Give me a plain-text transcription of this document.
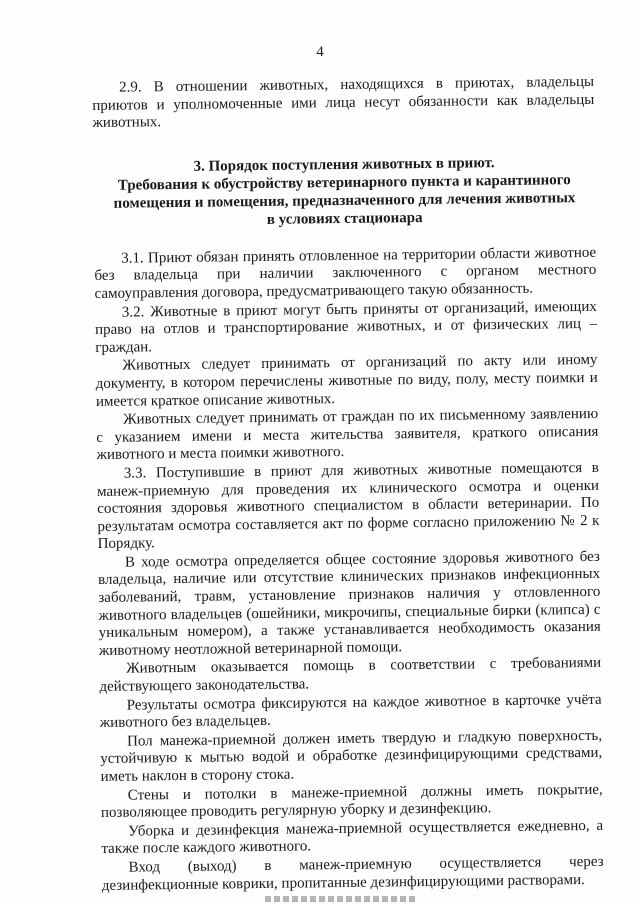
4

2.9. В отношении животных, находящихся в приютах, владельцы приютов и уполномоченные ими лица несут обязанности как владельцы животных.

3. Порядок поступления животных в приют.
Требования к обустройству ветеринарного пункта и карантинного
помещения и помещения, предназначенного для лечения животных
в условиях стационара

3.1. Приют обязан принять отловленное на территории области животное без владельца при наличии заключенного с органом местного самоуправления договора, предусматривающего такую обязанность.

3.2. Животные в приют могут быть приняты от организаций, имеющих право на отлов и транспортирование животных, и от физических лиц – граждан.

Животных следует принимать от организаций по акту или иному документу, в котором перечислены животные по виду, полу, месту поимки и имеется краткое описание животных.

Животных следует принимать от граждан по их письменному заявлению с указанием имени и места жительства заявителя, краткого описания животного и места поимки животного.

3.3. Поступившие в приют для животных животные помещаются в манеж-приемную для проведения их клинического осмотра и оценки состояния здоровья животного специалистом в области ветеринарии. По результатам осмотра составляется акт по форме согласно приложению № 2 к Порядку.

В ходе осмотра определяется общее состояние здоровья животного без владельца, наличие или отсутствие клинических признаков инфекционных заболеваний, травм, установление признаков наличия у отловленного животного владельцев (ошейники, микрочипы, специальные бирки (клипса) с уникальным номером), а также устанавливается необходимость оказания животному неотложной ветеринарной помощи.

Животным оказывается помощь в соответствии с требованиями действующего законодательства.

Результаты осмотра фиксируются на каждое животное в карточке учёта животного без владельцев.

Пол манежа-приемной должен иметь твердую и гладкую поверхность, устойчивую к мытью водой и обработке дезинфицирующими средствами, иметь наклон в сторону стока.

Стены и потолки в манеже-приемной должны иметь покрытие, позволяющее проводить регулярную уборку и дезинфекцию.

Уборка и дезинфекция манежа-приемной осуществляется ежедневно, а также после каждого животного.

Вход (выход) в манеж-приемную осуществляется через дезинфекционные коврики, пропитанные дезинфицирующими растворами.
